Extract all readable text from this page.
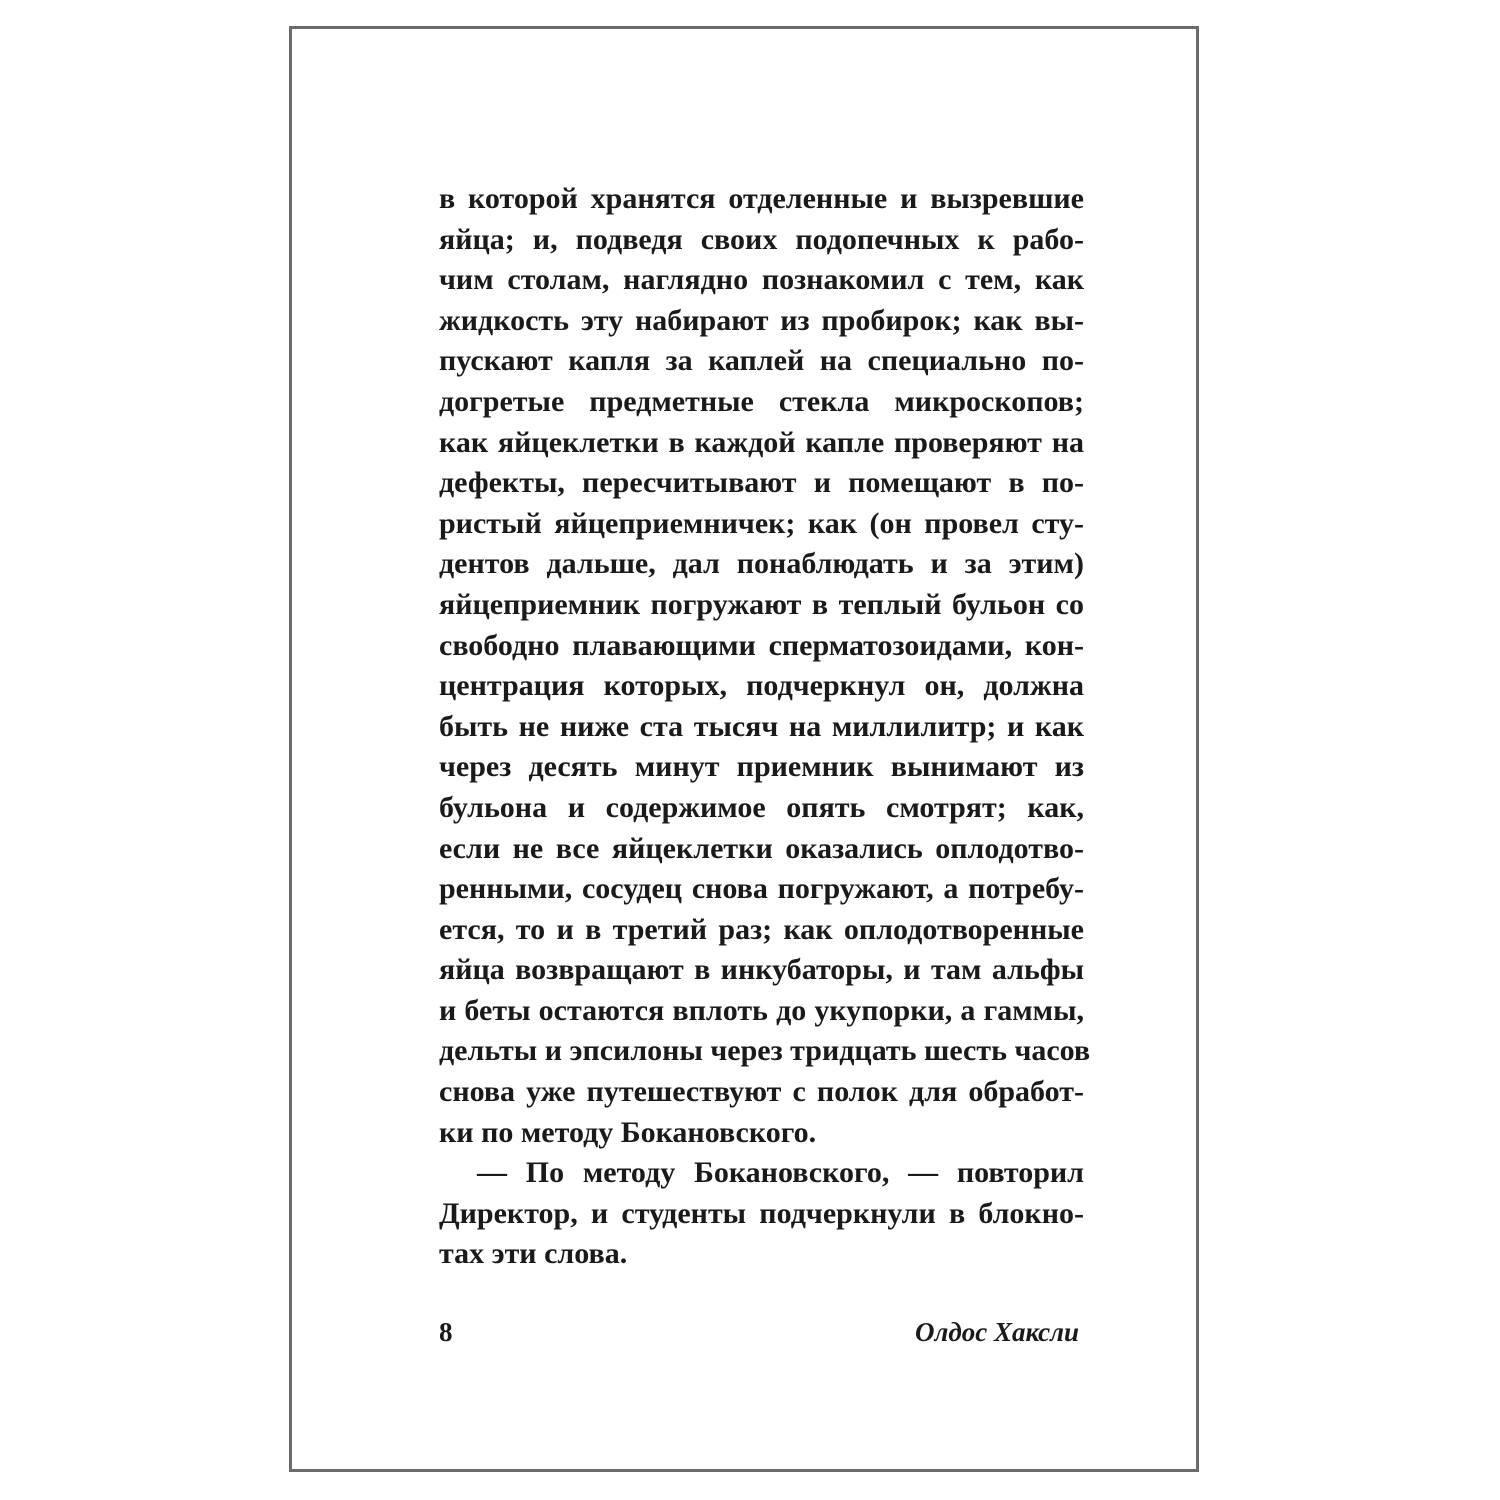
в которой хранятся отделенные и вызревшие
яйца; и, подведя своих подопечных к рабо-
чим столам, наглядно познакомил с тем, как
жидкость эту набирают из пробирок; как вы-
пускают капля за каплей на специально по-
догретые предметные стекла микроскопов;
как яйцеклетки в каждой капле проверяют на
дефекты, пересчитывают и помещают в по-
ристый яйцеприемничек; как (он провел сту-
дентов дальше, дал понаблюдать и за этим)
яйцеприемник погружают в теплый бульон со
свободно плавающими сперматозоидами, кон-
центрация которых, подчеркнул он, должна
быть не ниже ста тысяч на миллилитр; и как
через десять минут приемник вынимают из
бульона и содержимое опять смотрят; как,
если не все яйцеклетки оказались оплодотво-
ренными, сосудец снова погружают, а потребу-
ется, то и в третий раз; как оплодотворенные
яйца возвращают в инкубаторы, и там альфы
и беты остаются вплоть до укупорки, а гаммы,
дельты и эпсилоны через тридцать шесть часов
снова уже путешествуют с полок для обработ-
ки по методу Бокановского.
— По методу Бокановского, — повторил
Директор, и студенты подчеркнули в блокно-
тах эти слова.
8	Олдос Хаксли
